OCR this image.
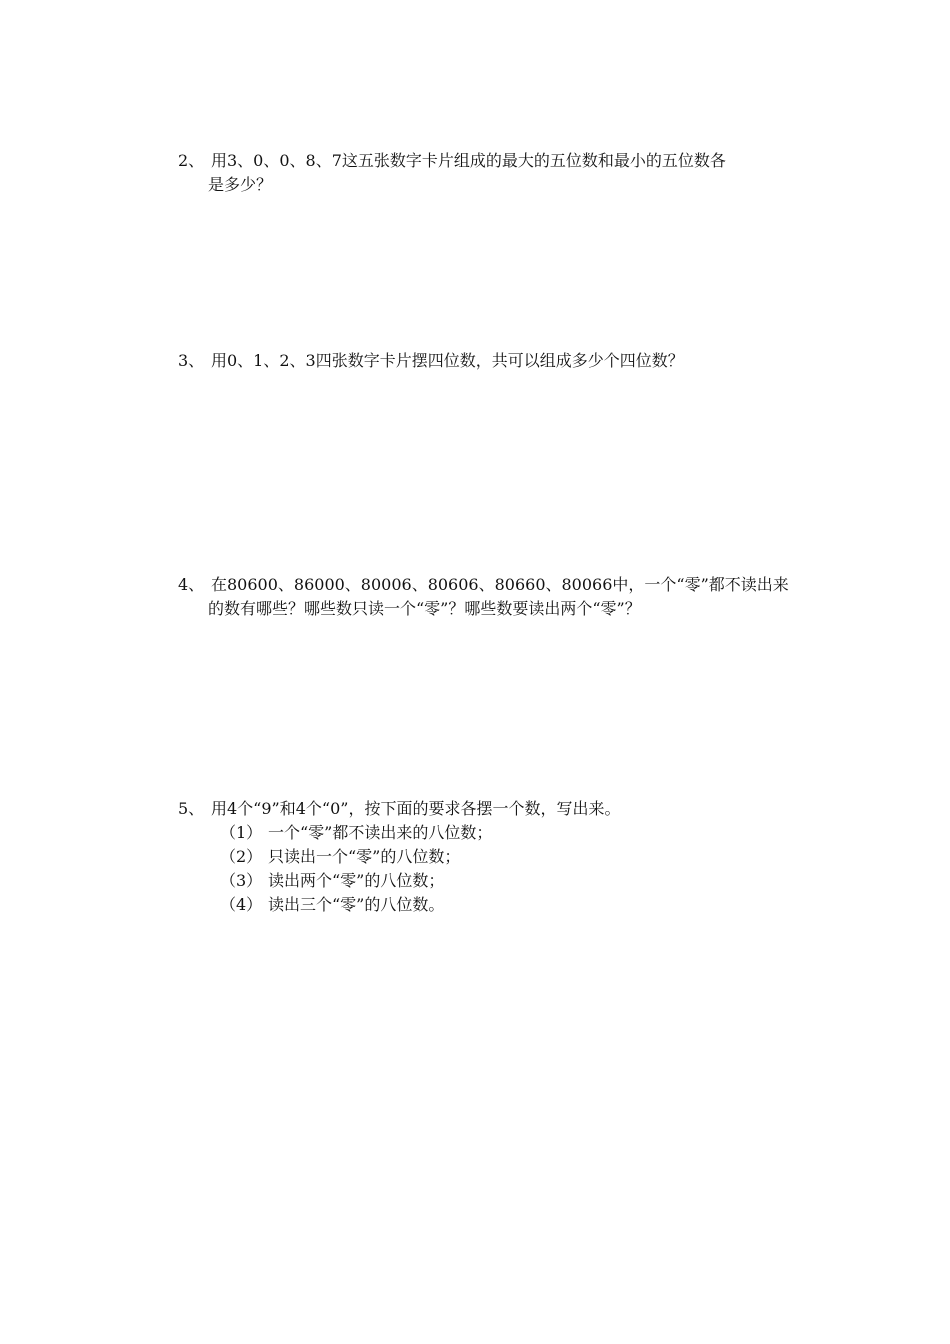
2、 用3、0、0、8、7这五张数字卡片组成的最大的五位数和最小的五位数各
是多少？
3、 用0、1、2、3四张数字卡片摆四位数，共可以组成多少个四位数？
4、 在80600、86000、80006、80606、80660、80066中，一个“零”都不读出来
的数有哪些？哪些数只读一个“零”？哪些数要读出两个“零”？
5、 用4个“9”和4个“0”，按下面的要求各摆一个数，写出来。
（1） 一个“零”都不读出来的八位数；
（2） 只读出一个“零”的八位数；
（3） 读出两个“零”的八位数；
（4） 读出三个“零”的八位数。
